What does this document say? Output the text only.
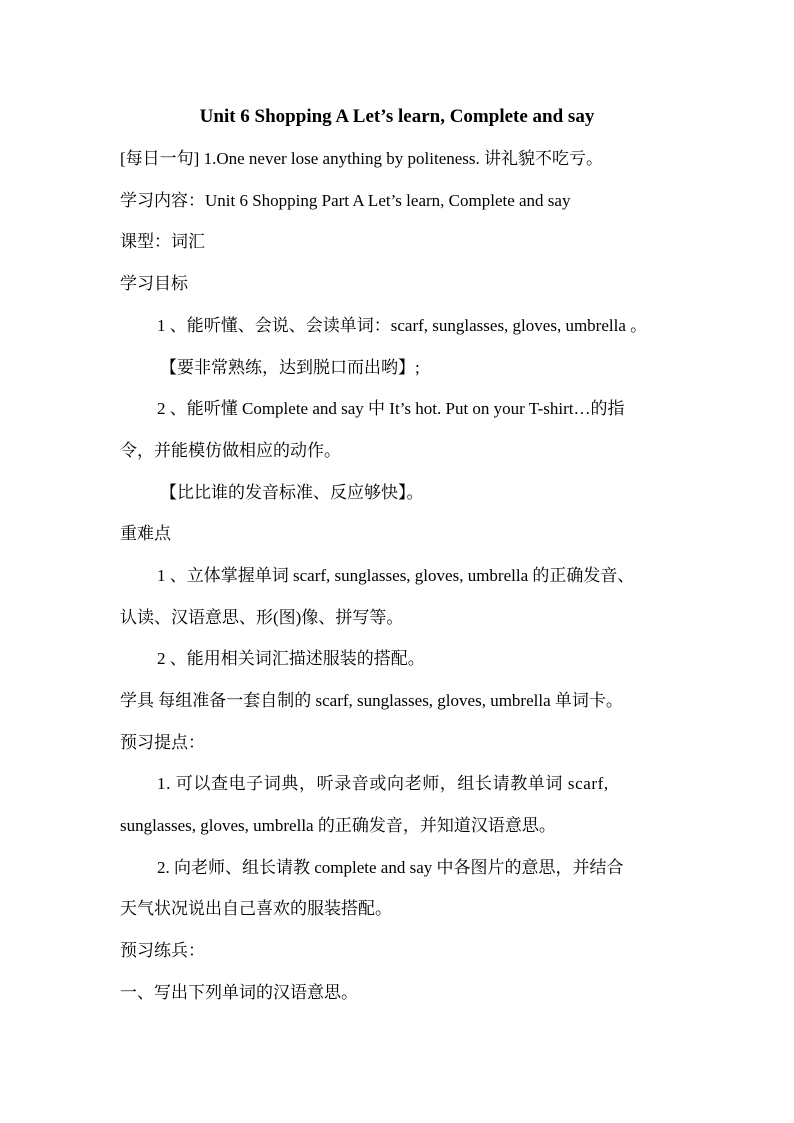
Unit 6 Shopping A Let’s learn, Complete and say
[每日一句] 1.One never lose anything by politeness. 讲礼貌不吃亏。
学习内容：Unit 6 Shopping Part A Let’s learn, Complete and say
课型：词汇
学习目标
1 、能听懂、会说、会读单词：scarf, sunglasses, gloves, umbrella 。
【要非常熟练，达到脱口而出哟】;
2 、能听懂 Complete and say 中 It’s hot. Put on your T-shirt…的指
令，并能模仿做相应的动作。
【比比谁的发音标准、反应够快】。
重难点
1 、立体掌握单词 scarf, sunglasses, gloves, umbrella 的正确发音、
认读、汉语意思、形(图)像、拼写等。
2 、能用相关词汇描述服装的搭配。
学具 每组准备一套自制的 scarf, sunglasses, gloves, umbrella 单词卡。
预习提点：
1. 可以查电子词典，听录音或向老师，组长请教单词 scarf,
sunglasses, gloves, umbrella 的正确发音，并知道汉语意思。
2. 向老师、组长请教 complete and say 中各图片的意思，并结合
天气状况说出自己喜欢的服装搭配。
预习练兵：
一、写出下列单词的汉语意思。
